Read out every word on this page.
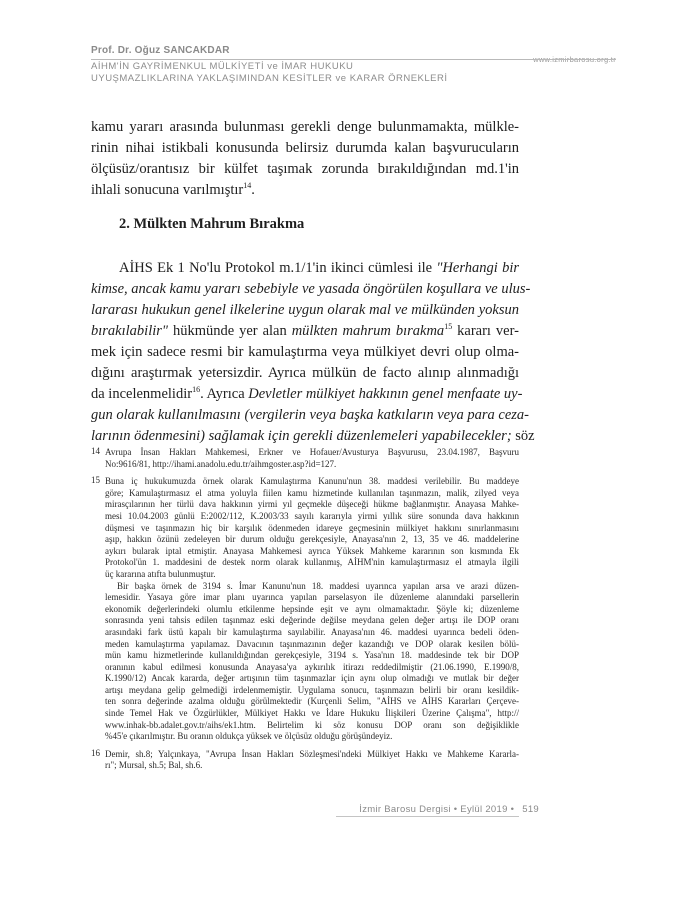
Prof. Dr. Oğuz SANCAKDAR
www.izmirbarosu.org.tr
AİHM'İN GAYRİMENKUL MÜLKİYETİ ve İMAR HUKUKU
UYUŞMAZLIKLARINA YAKLAŞIMINDAN KESİTLER ve KARAR ÖRNEKLERİ
kamu yararı arasında bulunması gerekli denge bulunmamakta, mülkle-
rinin nihai istikbali konusunda belirsiz durumda kalan başvurucuların
ölçüsüz/orantısız bir külfet taşımak zorunda bırakıldığından md.1'in
ihlali sonucuna varılmıştır$^{14}$.
2. Mülkten Mahrum Bırakma
AİHS Ek 1 No'lu Protokol m.1/1'in ikinci cümlesi ile "Herhangi bir
kimse, ancak kamu yararı sebebiyle ve yasada öngörülen koşullara ve ulus-
lararası hukukun genel ilkelerine uygun olarak mal ve mülkünden yoksun
bırakılabilir" hükmünde yer alan mülkten mahrum bırakma$^{15}$ kararı ver-
mek için sadece resmi bir kamulaştırma veya mülkiyet devri olup olma-
dığını araştırmak yetersizdir. Ayrıca mülkün de facto alınıp alınmadığı
da incelenmelidir$^{16}$. Ayrıca Devletler mülkiyet hakkının genel menfaate uy-
gun olarak kullanılmasını (vergilerin veya başka katkıların veya para ceza-
larının ödenmesini) sağlamak için gerekli düzenlemeleri yapabilecekler; söz
14 Avrupa İnsan Hakları Mahkemesi, Erkner ve Hofauer/Avusturya Başvurusu, 23.04.1987, Başvuru
No:9616/81, http://ihami.anadolu.edu.tr/aihmgoster.asp?id=127.
15 Buna iç hukukumuzda örnek olarak Kamulaştırma Kanunu'nun 38. maddesi verilebilir. Bu maddeye
göre; Kamulaştırmasız el atma yoluyla fiilen kamu hizmetinde kullanılan taşınmazın, malik, zilyed veya
mirasçılarının her türlü dava hakkının yirmi yıl geçmekle düşeceği hükme bağlanmıştır. Anayasa Mahke-
mesi 10.04.2003 günlü E:2002/112, K.2003/33 sayılı kararıyla yirmi yıllık süre sonunda dava hakkının
düşmesi ve taşınmazın hiç bir karşılık ödenmeden idareye geçmesinin mülkiyet hakkını sınırlanmasını
aşıp, hakkın özünü zedeleyen bir durum olduğu gerekçesiyle, Anayasa'nın 2, 13, 35 ve 46. maddelerine
aykırı bularak iptal etmiştir. Anayasa Mahkemesi ayrıca Yüksek Mahkeme kararının son kısmında Ek
Protokol'ün 1. maddesini de destek norm olarak kullanmış, AİHM'nin kamulaştırmasız el atmayla ilgili
üç kararına atıfta bulunmuştur.
Bir başka örnek de 3194 s. İmar Kanunu'nun 18. maddesi uyarınca yapılan arsa ve arazi düzen-
lemesidir. Yasaya göre imar planı uyarınca yapılan parselasyon ile düzenleme alanındaki parsellerin
ekonomik değerlerindeki olumlu etkilenme hepsinde eşit ve aynı olmamaktadır. Şöyle ki; düzenleme
sonrasında yeni tahsis edilen taşınmaz eski değerinde değilse meydana gelen değer artışı ile DOP oranı
arasındaki fark üstü kapalı bir kamulaştırma sayılabilir. Anayasa'nın 46. maddesi uyarınca bedeli öden-
meden kamulaştırma yapılamaz. Davacının taşınmazının değer kazandığı ve DOP olarak kesilen bölü-
mün kamu hizmetlerinde kullanıldığından gerekçesiyle, 3194 s. Yasa'nın 18. maddesinde tek bir DOP
oranının kabul edilmesi konusunda Anayasa'ya aykırılık itirazı reddedilmiştir (21.06.1990, E.1990/8,
K.1990/12) Ancak kararda, değer artışının tüm taşınmazlar için aynı olup olmadığı ve mutlak bir değer
artışı meydana gelip gelmediği irdelenmemiştir. Uygulama sonucu, taşınmazın belirli bir oranı kesildik-
ten sonra değerinde azalma olduğu görülmektedir (Kurçenli Selim, "AİHS ve AİHS Kararları Çerçeve-
sinde Temel Hak ve Özgürlükler, Mülkiyet Hakkı ve İdare Hukuku İlişkileri Üzerine Çalışma", http://
www.inhak-bb.adalet.gov.tr/aihs/ek1.htm. Belirtelim ki söz konusu DOP oranı son değişiklikle
%45'e çıkarılmıştır. Bu oranın oldukça yüksek ve ölçüsüz olduğu görüşündeyiz.
16 Demir, sh.8; Yalçınkaya, "Avrupa İnsan Hakları Sözleşmesi'ndeki Mülkiyet Hakkı ve Mahkeme Kararla-
rı"; Mursal, sh.5; Bal, sh.6.
İzmir Barosu Dergisi • Eylül 2019 • 519
